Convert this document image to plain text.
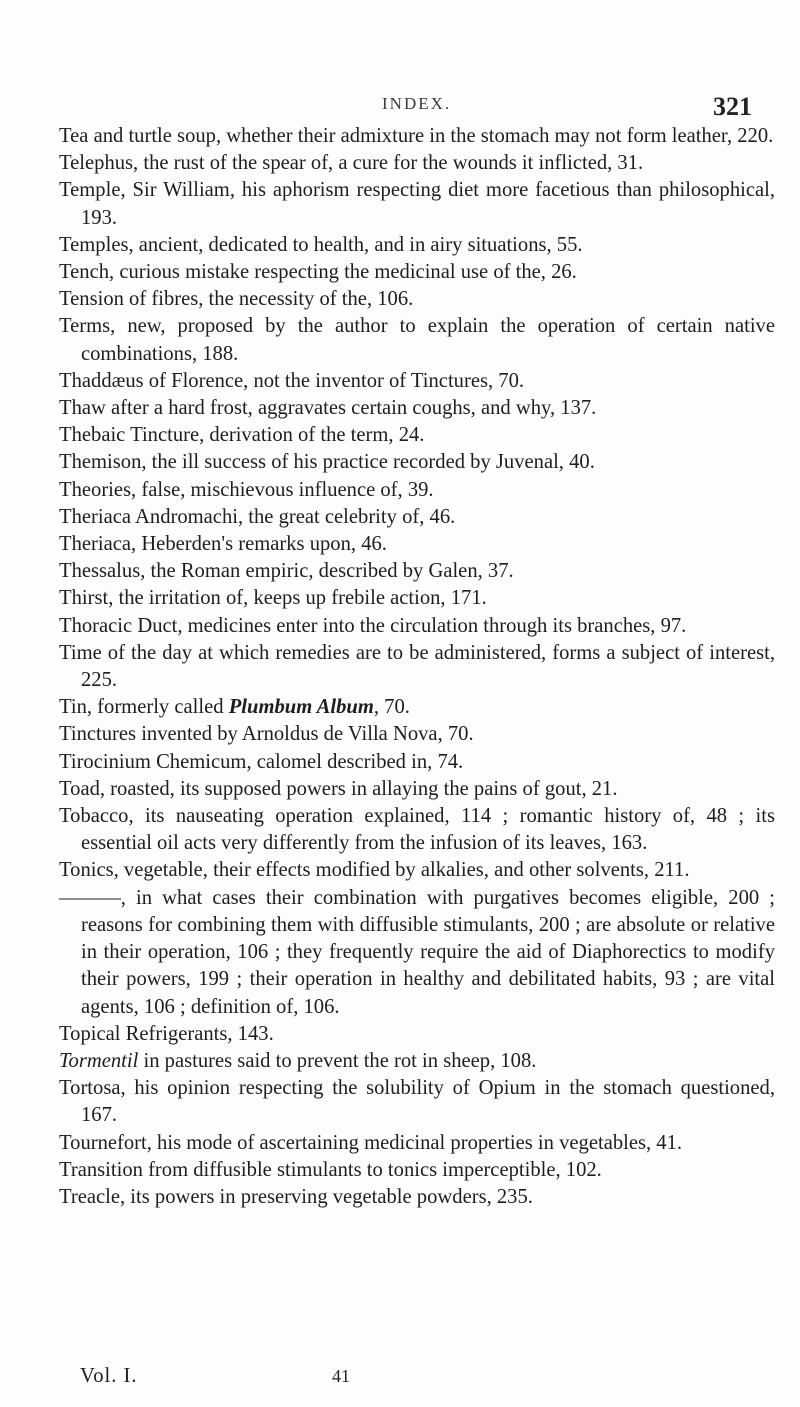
INDEX.	321
Tea and turtle soup, whether their admixture in the stomach may not form leather, 220.
Telephus, the rust of the spear of, a cure for the wounds it inflicted, 31.
Temple, Sir William, his aphorism respecting diet more facetious than philosophical, 193.
Temples, ancient, dedicated to health, and in airy situations, 55.
Tench, curious mistake respecting the medicinal use of the, 26.
Tension of fibres, the necessity of the, 106.
Terms, new, proposed by the author to explain the operation of certain native combinations, 188.
Thaddæus of Florence, not the inventor of Tinctures, 70.
Thaw after a hard frost, aggravates certain coughs, and why, 137.
Thebaic Tincture, derivation of the term, 24.
Themison, the ill success of his practice recorded by Juvenal, 40.
Theories, false, mischievous influence of, 39.
Theriaca Andromachi, the great celebrity of, 46.
Theriaca, Heberden's remarks upon, 46.
Thessalus, the Roman empiric, described by Galen, 37.
Thirst, the irritation of, keeps up frebile action, 171.
Thoracic Duct, medicines enter into the circulation through its branches, 97.
Time of the day at which remedies are to be administered, forms a subject of interest, 225.
Tin, formerly called Plumbum Album, 70.
Tinctures invented by Arnoldus de Villa Nova, 70.
Tirocinium Chemicum, calomel described in, 74.
Toad, roasted, its supposed powers in allaying the pains of gout, 21.
Tobacco, its nauseating operation explained, 114 ; romantic history of, 48 ; its essential oil acts very differently from the infusion of its leaves, 163.
Tonics, vegetable, their effects modified by alkalies, and other solvents, 211.
———, in what cases their combination with purgatives becomes eligible, 200 ; reasons for combining them with diffusible stimulants, 200 ; are absolute or relative in their operation, 106 ; they frequently require the aid of Diaphorectics to modify their powers, 199 ; their operation in healthy and debilitated habits, 93 ; are vital agents, 106 ; definition of, 106.
Topical Refrigerants, 143.
Tormentil in pastures said to prevent the rot in sheep, 108.
Tortosa, his opinion respecting the solubility of Opium in the stomach questioned, 167.
Tournefort, his mode of ascertaining medicinal properties in vegetables, 41.
Transition from diffusible stimulants to tonics imperceptible, 102.
Treacle, its powers in preserving vegetable powders, 235.
Vol. I.	41
